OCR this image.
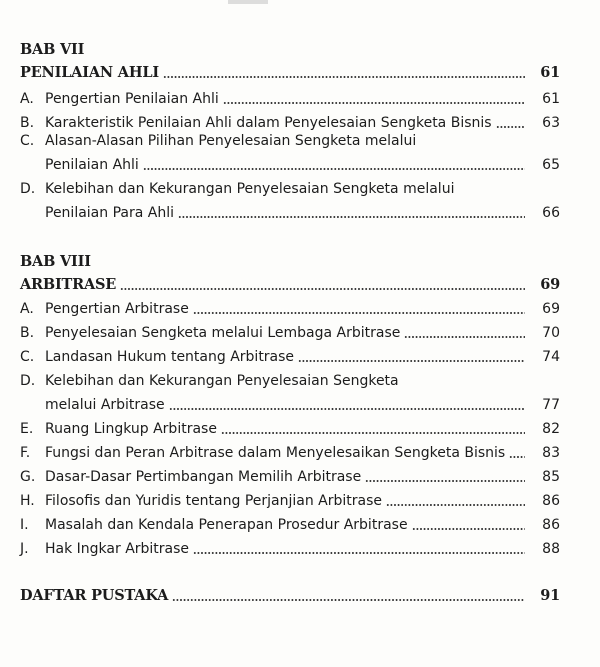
BAB VII
PENILAIAN AHLI	61
A. Pengertian Penilaian Ahli	61
B. Karakteristik Penilaian Ahli dalam Penyelesaian Sengketa Bisnis	63
C. Alasan-Alasan Pilihan Penyelesaian Sengketa melalui
Penilaian Ahli	65
D. Kelebihan dan Kekurangan Penyelesaian Sengketa melalui
Penilaian Para Ahli	66
BAB VIII
ARBITRASE	69
A. Pengertian Arbitrase	69
B. Penyelesaian Sengketa melalui Lembaga Arbitrase	70
C. Landasan Hukum tentang Arbitrase	74
D. Kelebihan dan Kekurangan Penyelesaian Sengketa
melalui Arbitrase	77
E. Ruang Lingkup Arbitrase	82
F.	Fungsi dan Peran Arbitrase dalam Menyelesaikan Sengketa Bisnis	83
G. Dasar-Dasar Pertimbangan Memilih Arbitrase	85
H. Filosofis dan Yuridis tentang Perjanjian Arbitrase	86
I.	Masalah dan Kendala Penerapan Prosedur Arbitrase	86
J.	Hak Ingkar Arbitrase	88
DAFTAR PUSTAKA	91
